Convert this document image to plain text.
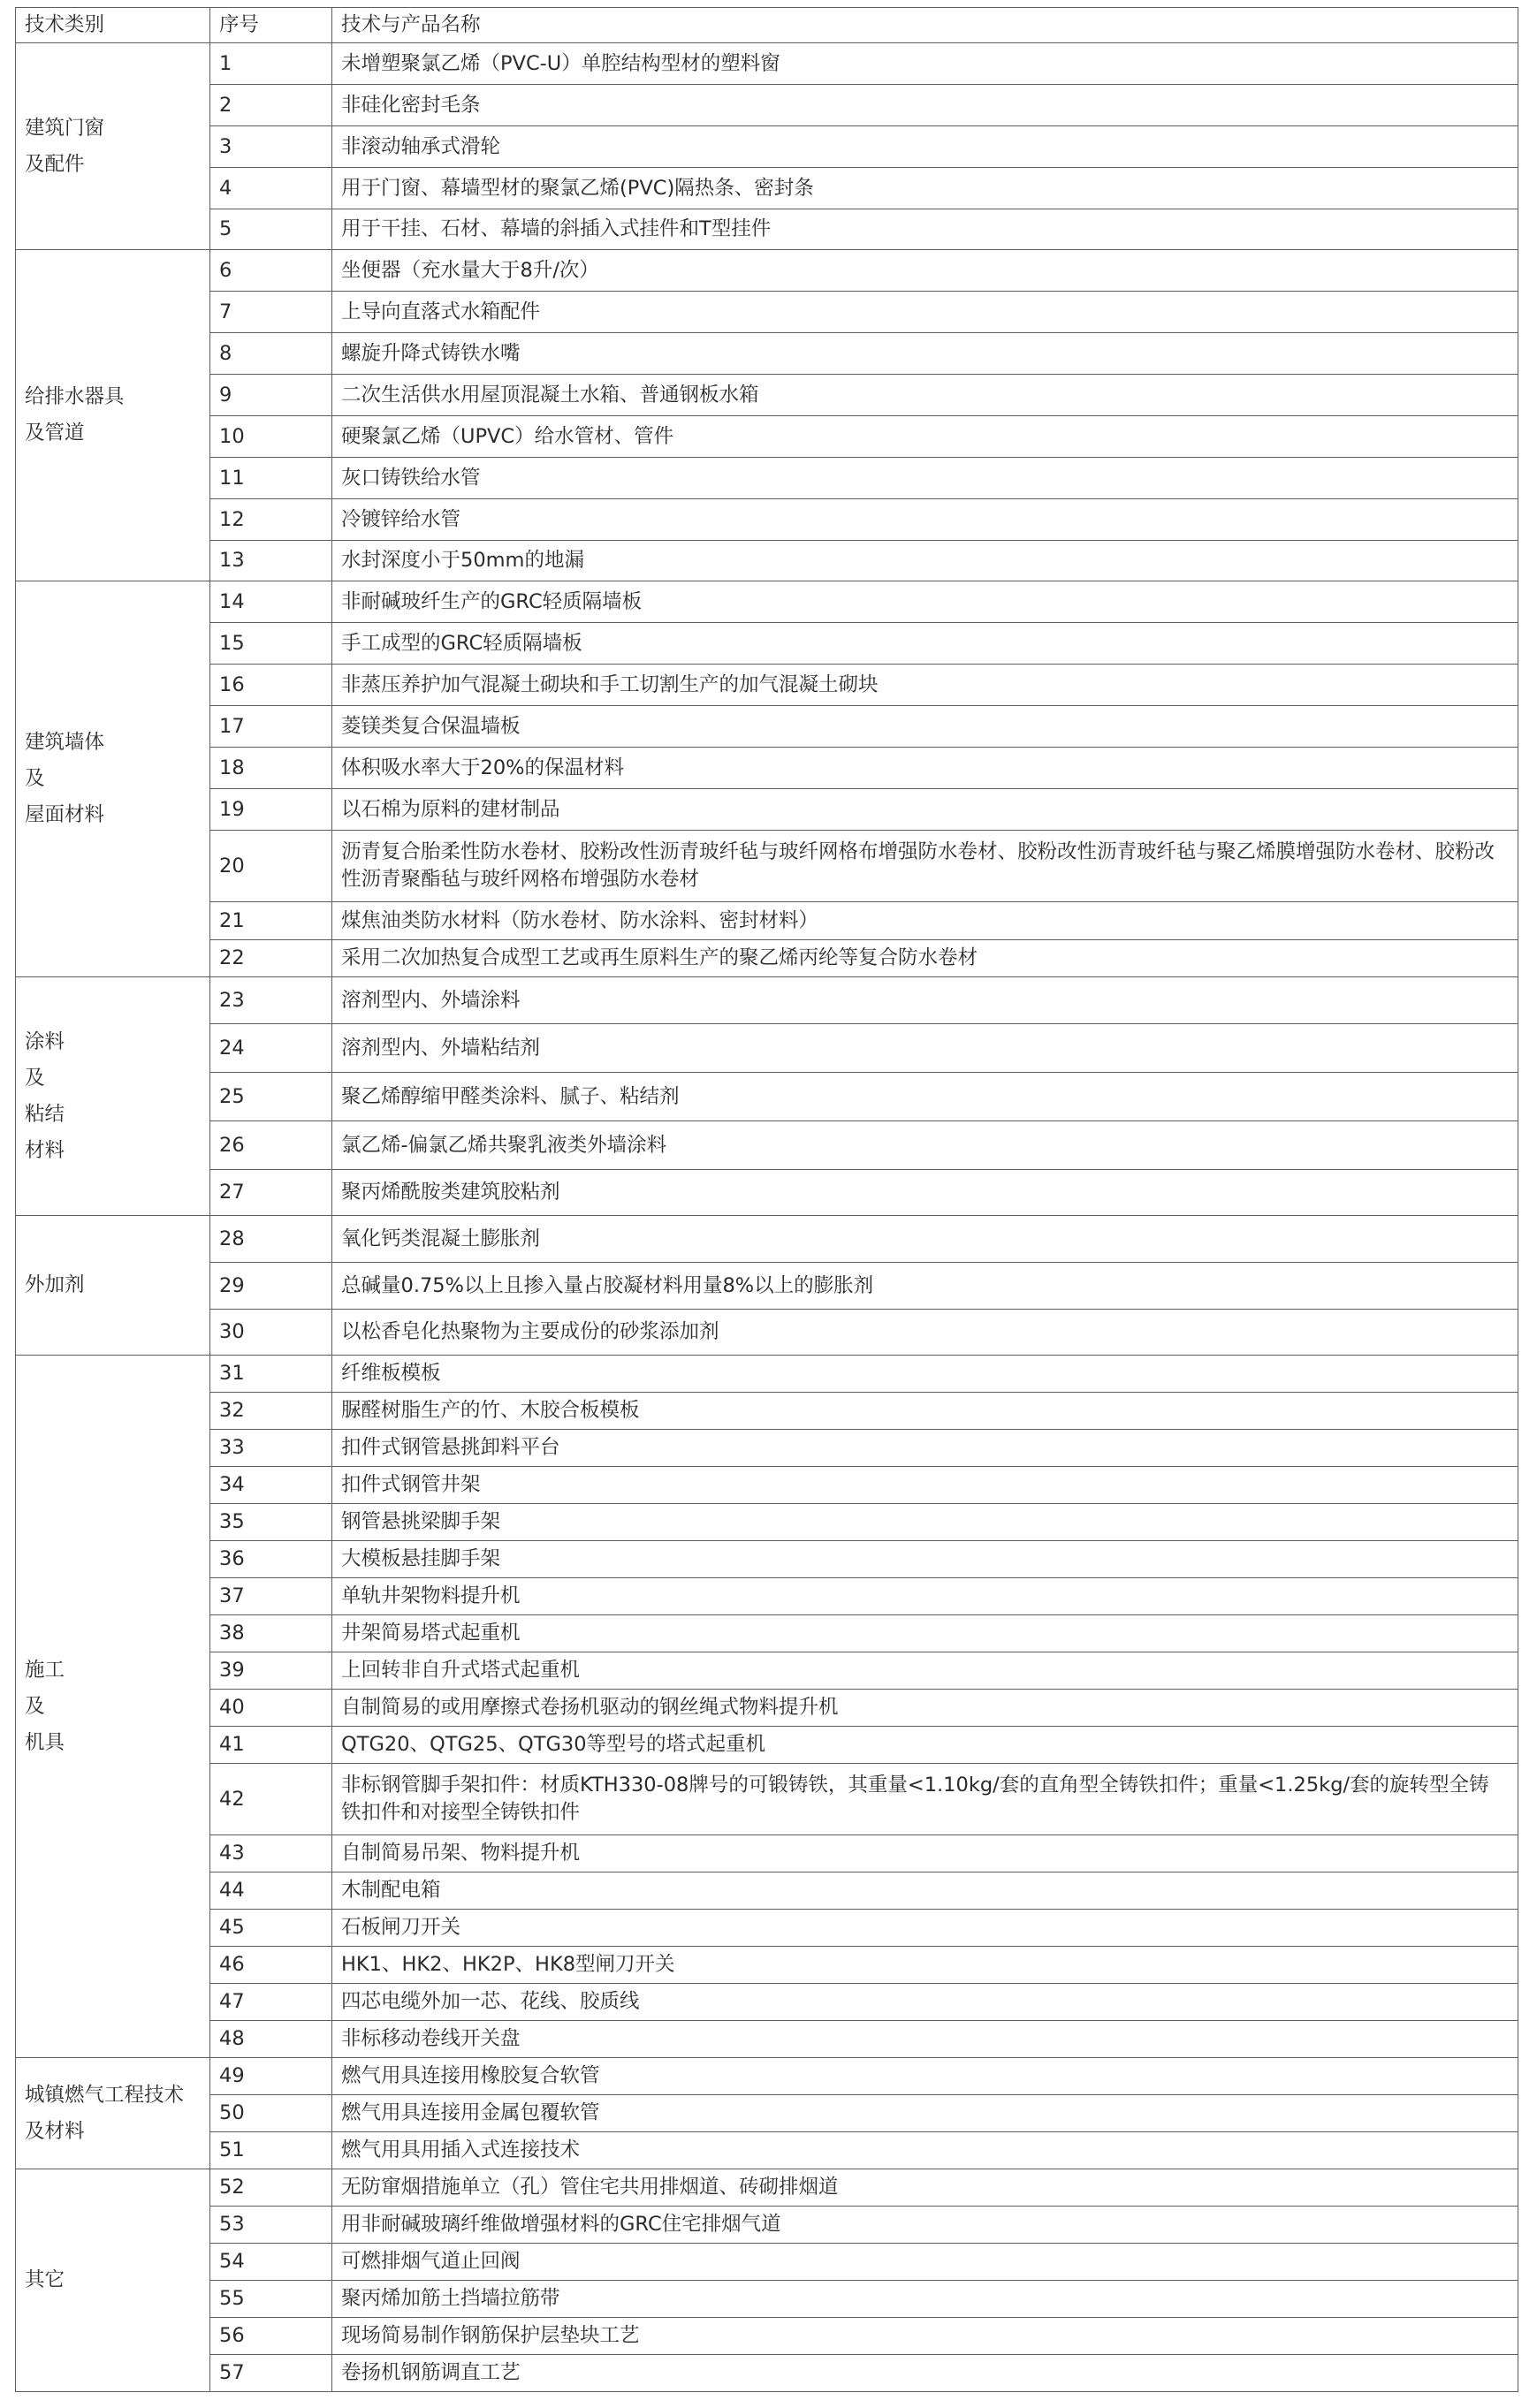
技术类别	序号	技术与产品名称

建筑门窗
及配件	1	未增塑聚氯乙烯（PVC-U）单腔结构型材的塑料窗
	2	非硅化密封毛条
	3	非滚动轴承式滑轮
	4	用于门窗、幕墙型材的聚氯乙烯(PVC)隔热条、密封条
	5	用于干挂、石材、幕墙的斜插入式挂件和T型挂件

给排水器具
及管道	6	坐便器（充水量大于8升/次）
	7	上导向直落式水箱配件
	8	螺旋升降式铸铁水嘴
	9	二次生活供水用屋顶混凝土水箱、普通钢板水箱
	10	硬聚氯乙烯（UPVC）给水管材、管件
	11	灰口铸铁给水管
	12	冷镀锌给水管
	13	水封深度小于50mm的地漏

建筑墙体
及
屋面材料	14	非耐碱玻纤生产的GRC轻质隔墙板
	15	手工成型的GRC轻质隔墙板
	16	非蒸压养护加气混凝土砌块和手工切割生产的加气混凝土砌块
	17	菱镁类复合保温墙板
	18	体积吸水率大于20%的保温材料
	19	以石棉为原料的建材制品
	20	沥青复合胎柔性防水卷材、胶粉改性沥青玻纤毡与玻纤网格布增强防水卷材、胶粉改性沥青玻纤毡与聚乙烯膜增强防水卷材、胶粉改性沥青聚酯毡与玻纤网格布增强防水卷材
	21	煤焦油类防水材料（防水卷材、防水涂料、密封材料）
	22	采用二次加热复合成型工艺或再生原料生产的聚乙烯丙纶等复合防水卷材

涂料
及
粘结
材料	23	溶剂型内、外墙涂料
	24	溶剂型内、外墙粘结剂
	25	聚乙烯醇缩甲醛类涂料、腻子、粘结剂
	26	氯乙烯-偏氯乙烯共聚乳液类外墙涂料
	27	聚丙烯酰胺类建筑胶粘剂

外加剂	28	氧化钙类混凝土膨胀剂
	29	总碱量0.75%以上且掺入量占胶凝材料用量8%以上的膨胀剂
	30	以松香皂化热聚物为主要成份的砂浆添加剂

施工
及
机具	31	纤维板模板
	32	脲醛树脂生产的竹、木胶合板模板
	33	扣件式钢管悬挑卸料平台
	34	扣件式钢管井架
	35	钢管悬挑梁脚手架
	36	大模板悬挂脚手架
	37	单轨井架物料提升机
	38	井架简易塔式起重机
	39	上回转非自升式塔式起重机
	40	自制简易的或用摩擦式卷扬机驱动的钢丝绳式物料提升机
	41	QTG20、QTG25、QTG30等型号的塔式起重机
	42	非标钢管脚手架扣件：材质KTH330-08牌号的可锻铸铁，其重量<1.10kg/套的直角型全铸铁扣件；重量<1.25kg/套的旋转型全铸铁扣件和对接型全铸铁扣件
	43	自制简易吊架、物料提升机
	44	木制配电箱
	45	石板闸刀开关
	46	HK1、HK2、HK2P、HK8型闸刀开关
	47	四芯电缆外加一芯、花线、胶质线
	48	非标移动卷线开关盘

城镇燃气工程技术
及材料	49	燃气用具连接用橡胶复合软管
	50	燃气用具连接用金属包覆软管
	51	燃气用具用插入式连接技术

其它	52	无防窜烟措施单立（孔）管住宅共用排烟道、砖砌排烟道
	53	用非耐碱玻璃纤维做增强材料的GRC住宅排烟气道
	54	可燃排烟气道止回阀
	55	聚丙烯加筋土挡墙拉筋带
	56	现场简易制作钢筋保护层垫块工艺
	57	卷扬机钢筋调直工艺
